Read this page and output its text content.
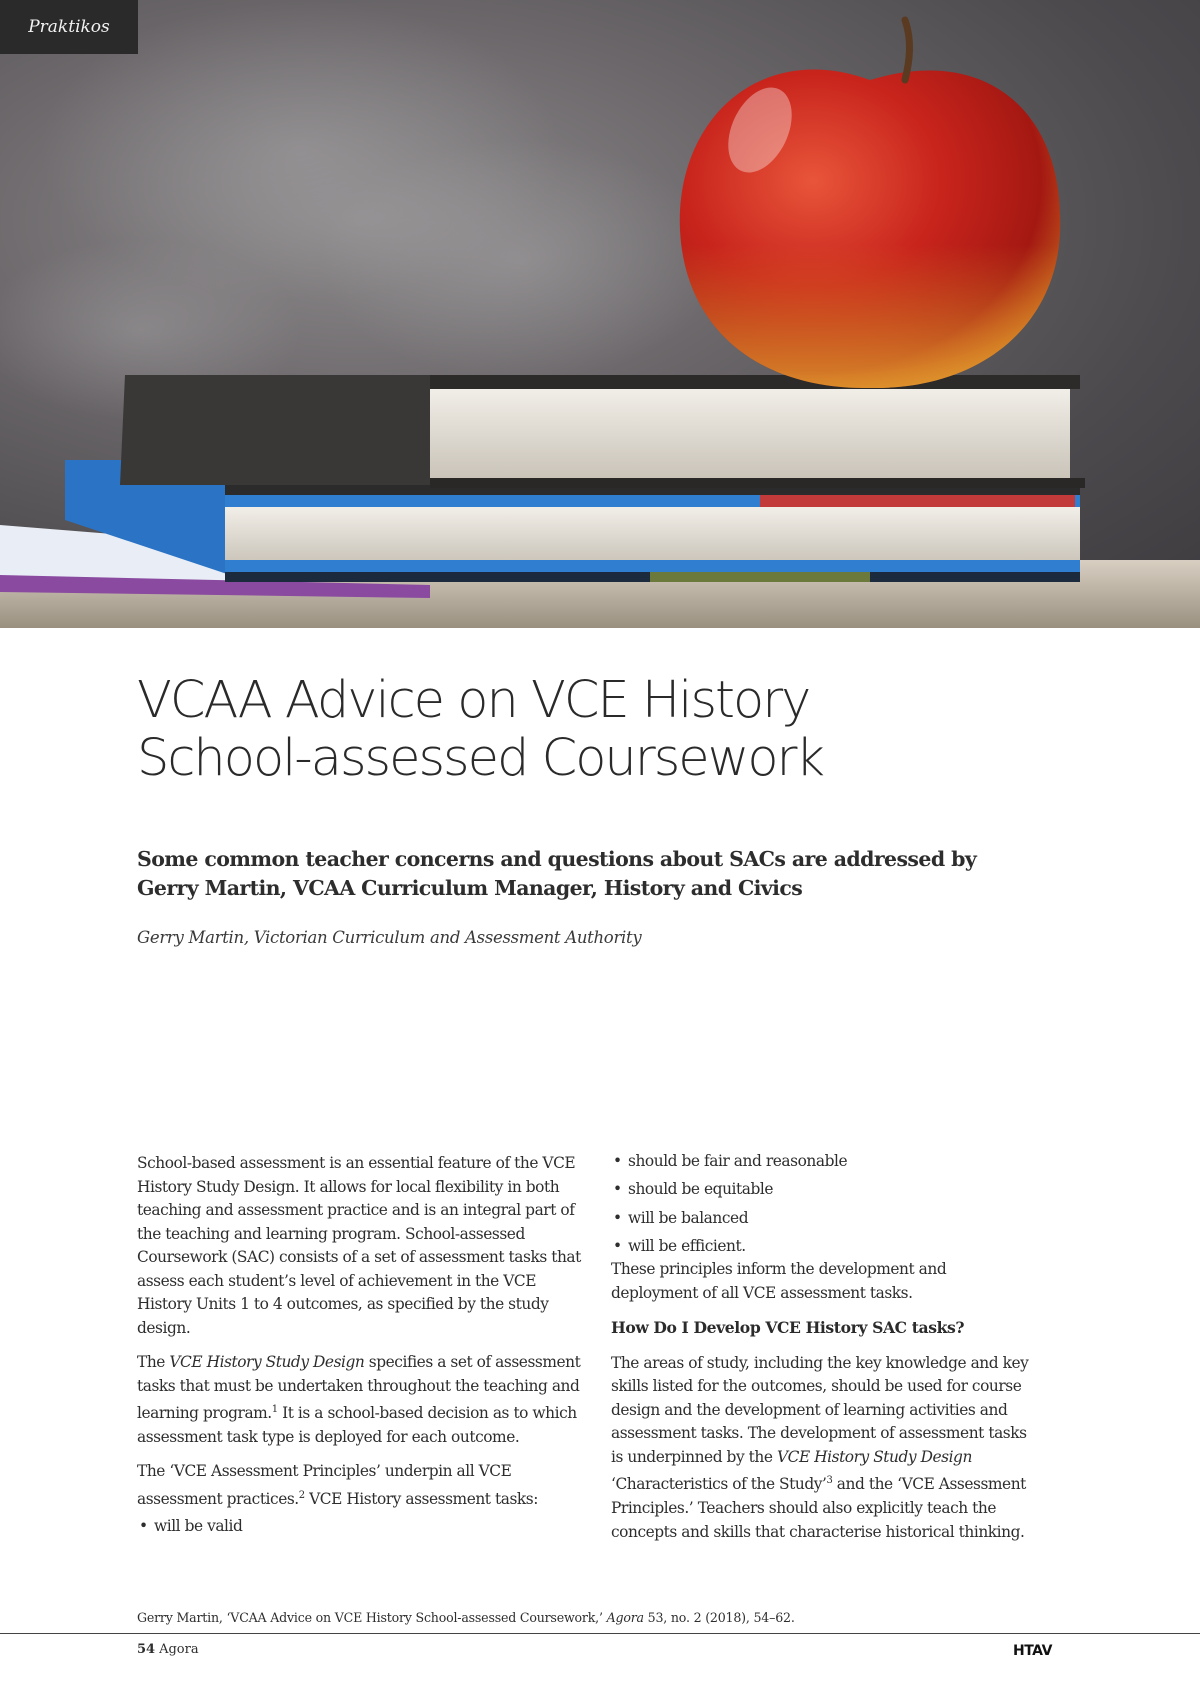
Praktikos
VCAA Advice on VCE History
School-assessed Coursework

Some common teacher concerns and questions about SACs are addressed by Gerry Martin, VCAA Curriculum Manager, History and Civics

Gerry Martin, Victorian Curriculum and Assessment Authority

School-based assessment is an essential feature of the VCE History Study Design. It allows for local flexibility in both teaching and assessment practice and is an integral part of the teaching and learning program. School-assessed Coursework (SAC) consists of a set of assessment tasks that assess each student’s level of achievement in the VCE History Units 1 to 4 outcomes, as specified by the study design.

The VCE History Study Design specifies a set of assessment tasks that must be undertaken throughout the teaching and learning program.$^1$ It is a school-based decision as to which assessment task type is deployed for each outcome.

The ‘VCE Assessment Principles’ underpin all VCE assessment practices.$^2$ VCE History assessment tasks:

• will be valid
• should be fair and reasonable
• should be equitable
• will be balanced
• will be efficient.

These principles inform the development and deployment of all VCE assessment tasks.

How Do I Develop VCE History SAC tasks?

The areas of study, including the key knowledge and key skills listed for the outcomes, should be used for course design and the development of learning activities and assessment tasks. The development of assessment tasks is underpinned by the VCE History Study Design ‘Characteristics of the Study’$^3$ and the ‘VCE Assessment Principles.’ Teachers should also explicitly teach the concepts and skills that characterise historical thinking.

Gerry Martin, ‘VCAA Advice on VCE History School-assessed Coursework,’ Agora 53, no. 2 (2018), 54–62.

54 Agora	HTAV
